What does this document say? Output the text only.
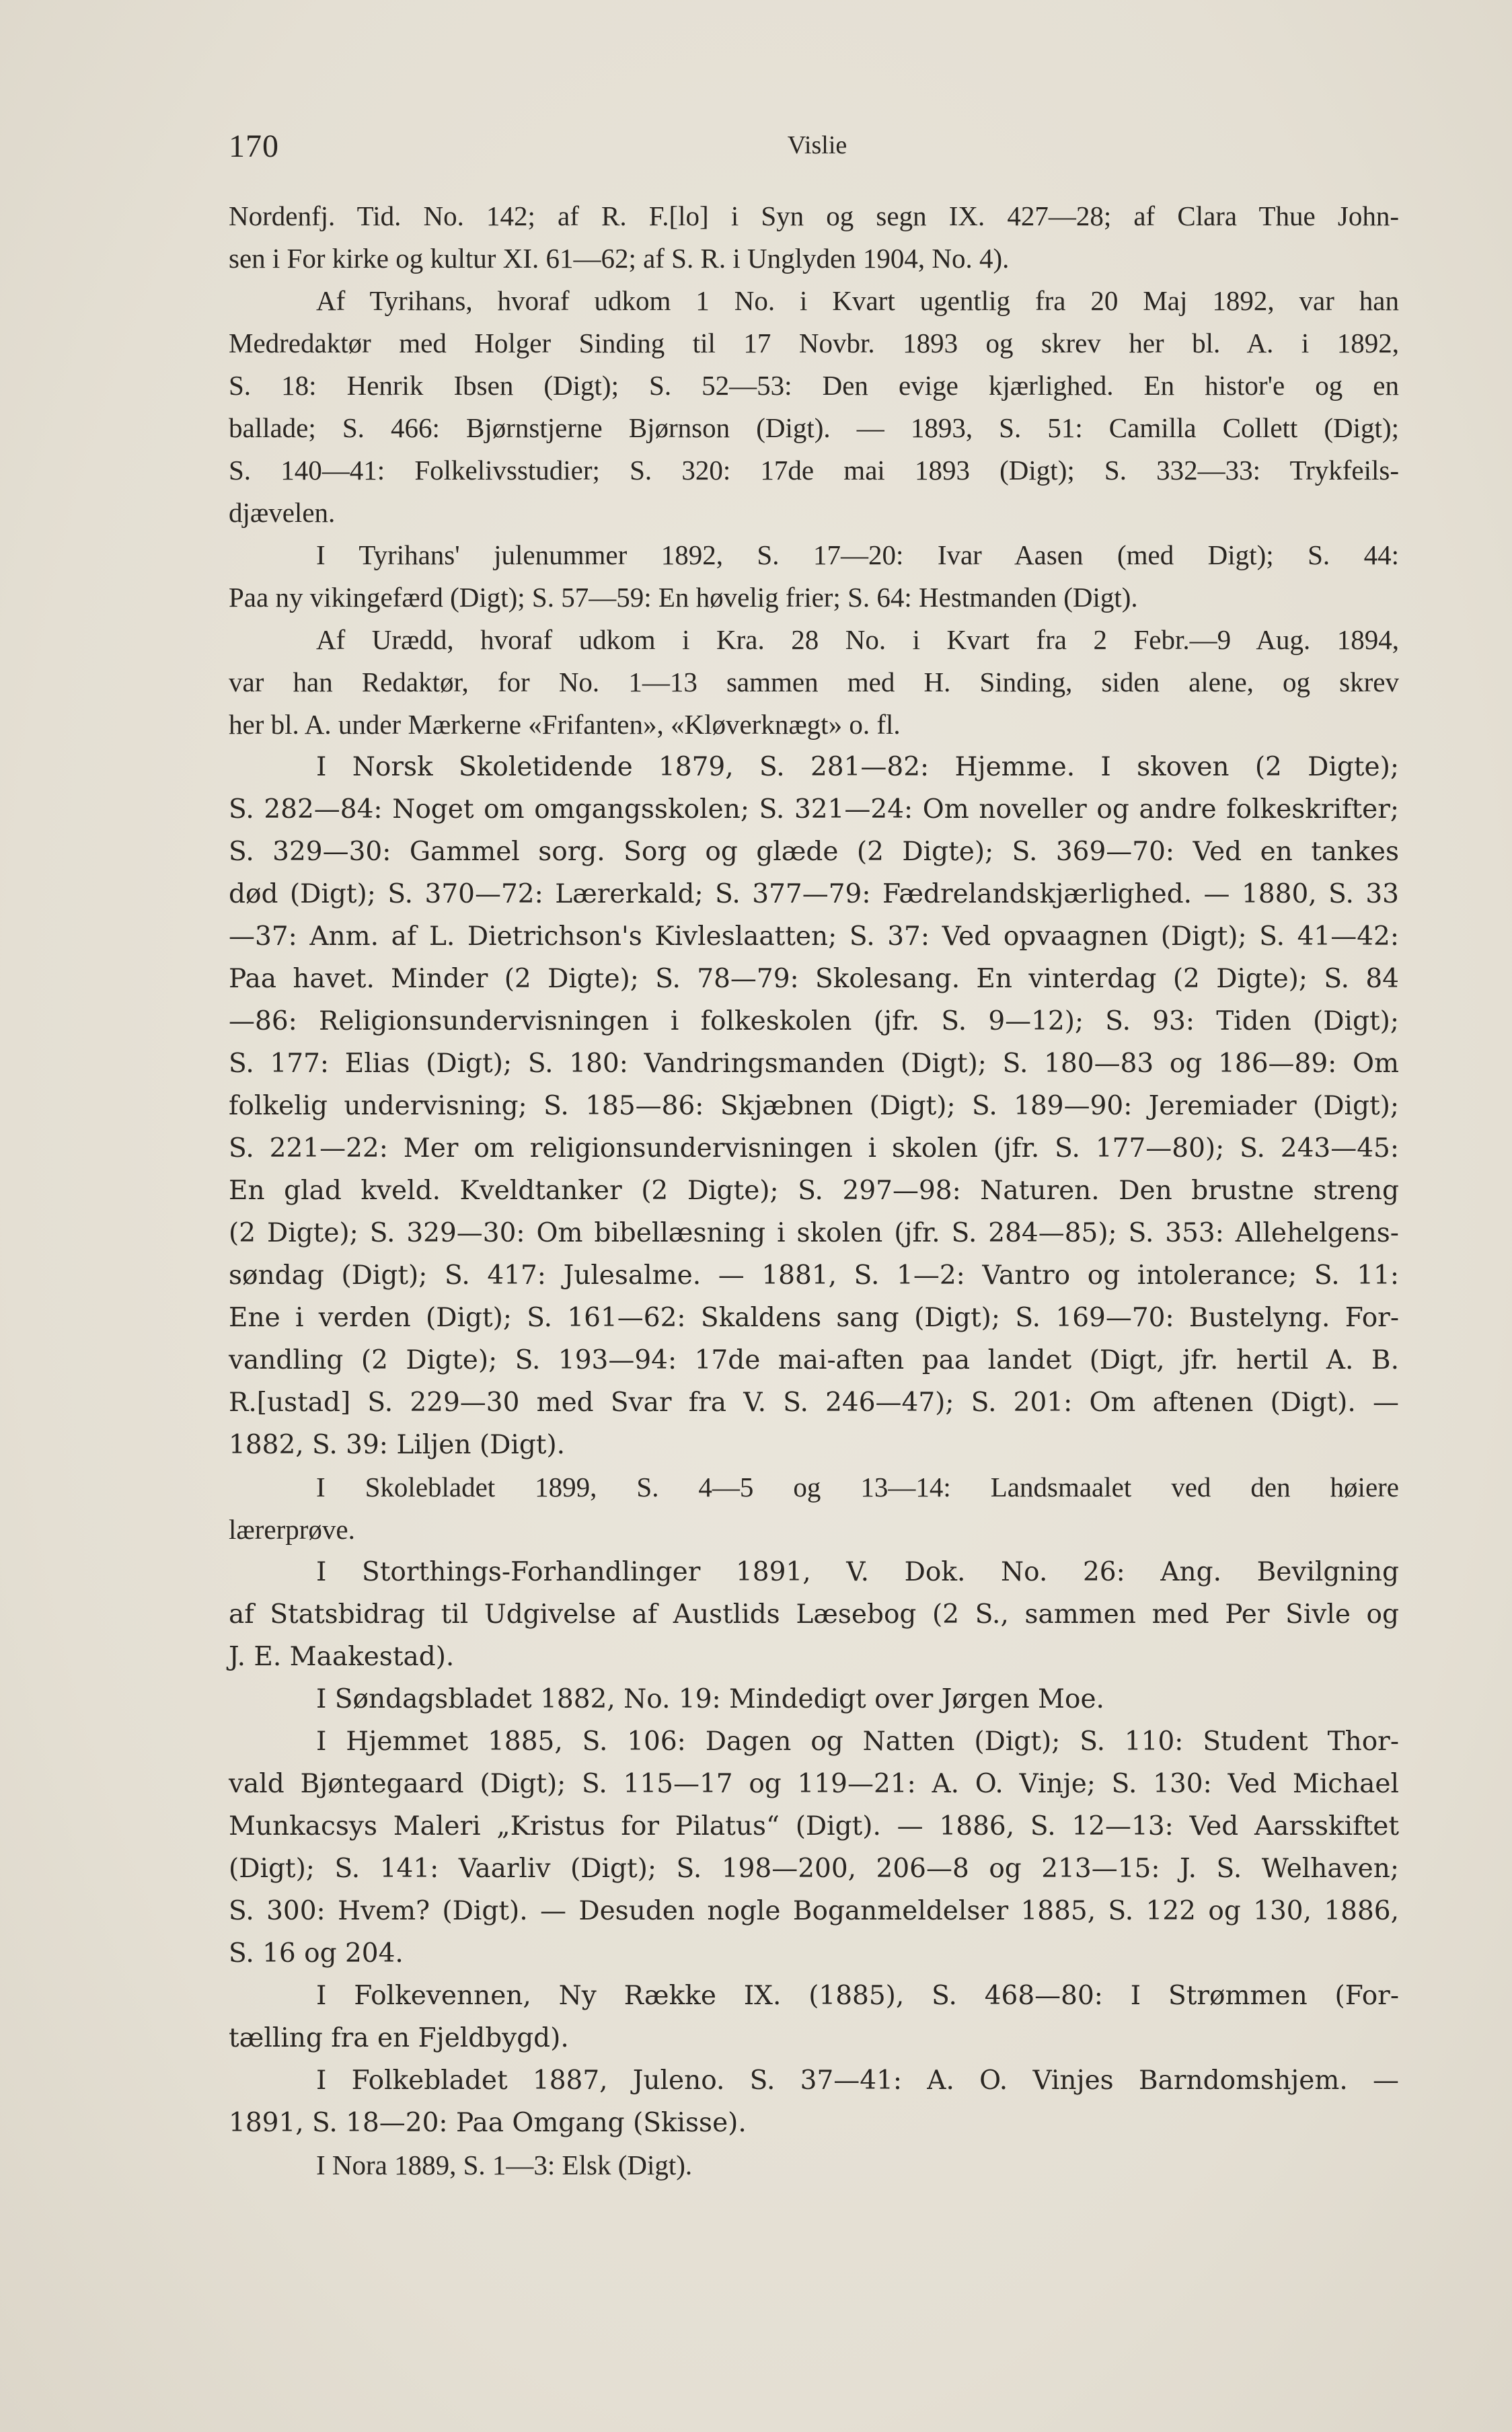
170	Vislie
Nordenfj. Tid. No. 142; af R. F.[lo] i Syn og segn IX. 427—28; af Clara Thue John-
sen i For kirke og kultur XI. 61—62; af S. R. i Unglyden 1904, No. 4).
Af Tyrihans, hvoraf udkom 1 No. i Kvart ugentlig fra 20 Maj 1892, var han
Medredaktør med Holger Sinding til 17 Novbr. 1893 og skrev her bl. A. i 1892,
S. 18: Henrik Ibsen (Digt); S. 52—53: Den evige kjærlighed. En histor'e og en
ballade; S. 466: Bjørnstjerne Bjørnson (Digt). — 1893, S. 51: Camilla Collett (Digt);
S. 140—41: Folkelivsstudier; S. 320: 17de mai 1893 (Digt); S. 332—33: Trykfeils-
djævelen.
I Tyrihans' julenummer 1892, S. 17—20: Ivar Aasen (med Digt); S. 44:
Paa ny vikingefærd (Digt); S. 57—59: En høvelig frier; S. 64: Hestmanden (Digt).
Af Urædd, hvoraf udkom i Kra. 28 No. i Kvart fra 2 Febr.—9 Aug. 1894,
var han Redaktør, for No. 1—13 sammen med H. Sinding, siden alene, og skrev
her bl. A. under Mærkerne «Frifanten», «Kløverknægt» o. fl.
I Norsk Skoletidende 1879, S. 281—82: Hjemme. I skoven (2 Digte);
S. 282—84: Noget om omgangsskolen; S. 321—24: Om noveller og andre folkeskrifter;
S. 329—30: Gammel sorg. Sorg og glæde (2 Digte); S. 369—70: Ved en tankes
død (Digt); S. 370—72: Lærerkald; S. 377—79: Fædrelandskjærlighed. — 1880, S. 33
—37: Anm. af L. Dietrichson's Kivleslaatten; S. 37: Ved opvaagnen (Digt); S. 41—42:
Paa havet. Minder (2 Digte); S. 78—79: Skolesang. En vinterdag (2 Digte); S. 84
—86: Religionsundervisningen i folkeskolen (jfr. S. 9—12); S. 93: Tiden (Digt);
S. 177: Elias (Digt); S. 180: Vandringsmanden (Digt); S. 180—83 og 186—89: Om
folkelig undervisning; S. 185—86: Skjæbnen (Digt); S. 189—90: Jeremiader (Digt);
S. 221—22: Mer om religionsundervisningen i skolen (jfr. S. 177—80); S. 243—45:
En glad kveld. Kveldtanker (2 Digte); S. 297—98: Naturen. Den brustne streng
(2 Digte); S. 329—30: Om bibellæsning i skolen (jfr. S. 284—85); S. 353: Allehelgens-
søndag (Digt); S. 417: Julesalme. — 1881, S. 1—2: Vantro og intolerance; S. 11:
Ene i verden (Digt); S. 161—62: Skaldens sang (Digt); S. 169—70: Bustelyng. For-
vandling (2 Digte); S. 193—94: 17de mai-aften paa landet (Digt, jfr. hertil A. B.
R.[ustad] S. 229—30 med Svar fra V. S. 246—47); S. 201: Om aftenen (Digt). —
1882, S. 39: Liljen (Digt).
I Skolebladet 1899, S. 4—5 og 13—14: Landsmaalet ved den høiere
lærerprøve.
I Storthings-Forhandlinger 1891, V. Dok. No. 26: Ang. Bevilgning
af Statsbidrag til Udgivelse af Austlids Læsebog (2 S., sammen med Per Sivle og
J. E. Maakestad).
I Søndagsbladet 1882, No. 19: Mindedigt over Jørgen Moe.
I Hjemmet 1885, S. 106: Dagen og Natten (Digt); S. 110: Student Thor-
vald Bjøntegaard (Digt); S. 115—17 og 119—21: A. O. Vinje; S. 130: Ved Michael
Munkacsys Maleri „Kristus for Pilatus“ (Digt). — 1886, S. 12—13: Ved Aarsskiftet
(Digt); S. 141: Vaarliv (Digt); S. 198—200, 206—8 og 213—15: J. S. Welhaven;
S. 300: Hvem? (Digt). — Desuden nogle Boganmeldelser 1885, S. 122 og 130, 1886,
S. 16 og 204.
I Folkevennen, Ny Række IX. (1885), S. 468—80: I Strømmen (For-
tælling fra en Fjeldbygd).
I Folkebladet 1887, Juleno. S. 37—41: A. O. Vinjes Barndomshjem. —
1891, S. 18—20: Paa Omgang (Skisse).
I Nora 1889, S. 1—3: Elsk (Digt).
